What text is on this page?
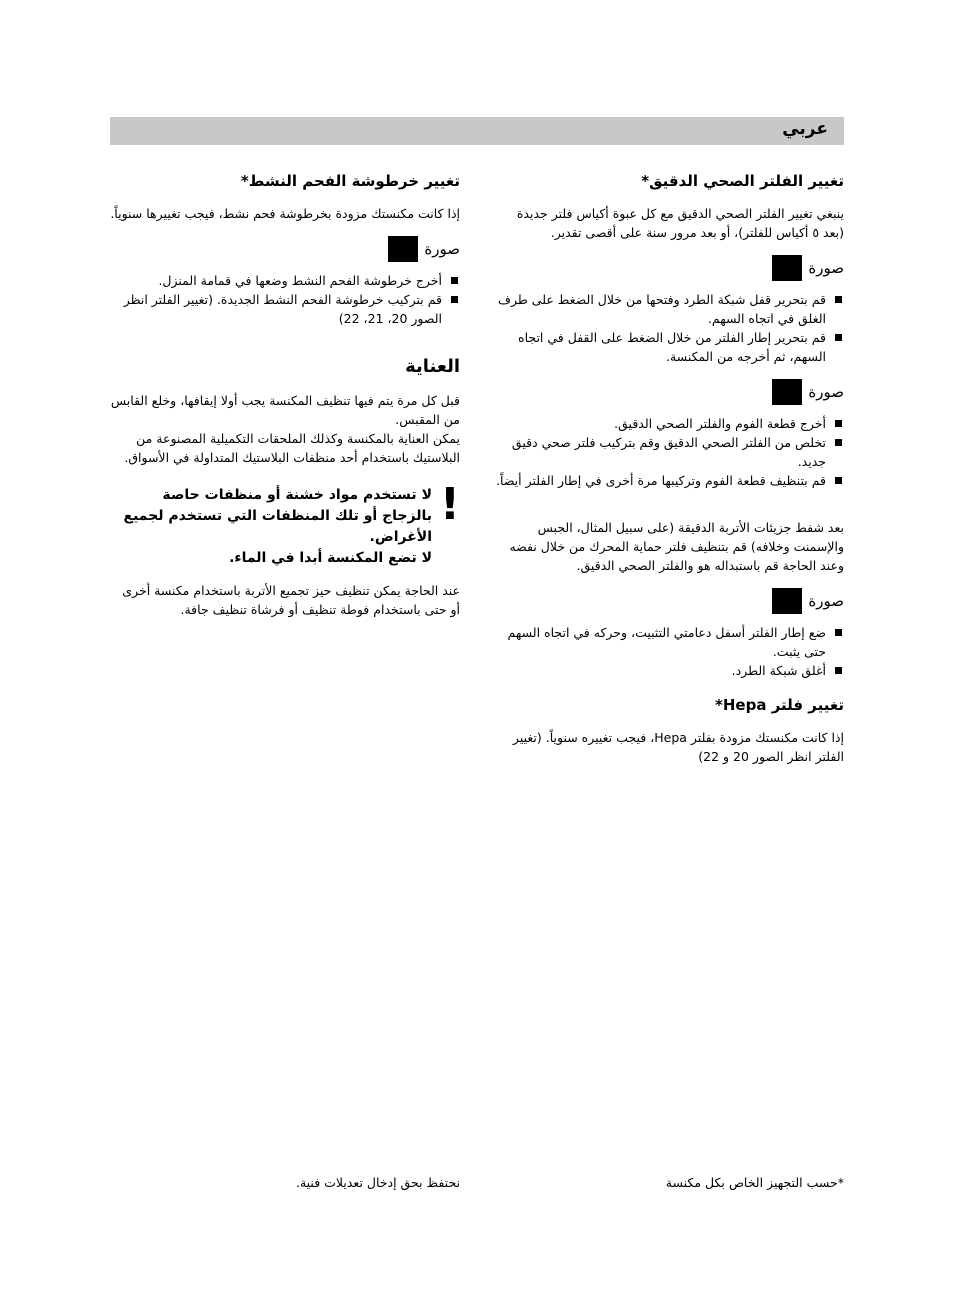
عربي
تغيير الفلتر الصحي الدقيق*

ينبغي تغيير الفلتر الصحي الدقيق مع كل عبوة أكياس فلتر جديدة (بعد ٥ أكياس للفلتر)، أو بعد مرور سنة على أقصى تقدير.

صورة
قم بتحرير قفل شبكة الطرد وفتحها من خلال الضغط على طرف الغلق في اتجاه السهم.
قم بتحرير إطار الفلتر من خلال الضغط على القفل في اتجاه السهم، ثم أخرجه من المكنسة.
صورة
أخرج قطعة الفوم والفلتر الصحي الدقيق.
تخلص من الفلتر الصحي الدقيق وقم بتركيب فلتر صحي دقيق جديد.
قم بتنظيف قطعة الفوم وتركيبها مرة أخرى في إطار الفلتر أيضاً.

بعد شفط جزيئات الأتربة الدقيقة (على سبيل المثال، الجبس والإسمنت وخلافه) قم بتنظيف فلتر حماية المحرك من خلال نفضه وعند الحاجة قم باستبداله هو والفلتر الصحي الدقيق.

صورة
ضع إطار الفلتر أسفل دعامتي التثبيت، وحركه في اتجاه السهم حتى يثبت.
أغلق شبكة الطرد.
تغيير فلتر Hepa*

إذا كانت مكنستك مزودة بفلتر Hepa، فيجب تغييره سنوياً. (تغيير الفلتر انظر الصور 20 و 22)

تغيير خرطوشة الفحم النشط*

إذا كانت مكنستك مزودة بخرطوشة فحم نشط، فيجب تغييرها سنوياً.

صورة
أخرج خرطوشة الفحم النشط وضعها في قمامة المنزل.
قم بتركيب خرطوشة الفحم النشط الجديدة. (تغيير الفلتر انظر الصور 20، 21، 22)
العناية

قبل كل مرة يتم فيها تنظيف المكنسة يجب أولا إيقافها، وخلع القابس من المقبس.

يمكن العناية بالمكنسة وكذلك الملحقات التكميلية المصنوعة من البلاستيك باستخدام أحد منظفات البلاستيك المتداولة في الأسواق.

!

لا تستخدم مواد خشنة أو منظفات حاصة بالزجاج أو تلك المنظفات التي تستخدم لجميع الأغراض.

لا تضع المكنسة أبدا في الماء.

عند الحاجة يمكن تنظيف حيز تجميع الأتربة باستخدام مكنسة أخرى أو حتى باستخدام فوطة تنظيف أو فرشاة تنظيف جافة.

نحتفظ بحق إدخال تعديلات فنية.	*حسب التجهيز الخاص بكل مكنسة
